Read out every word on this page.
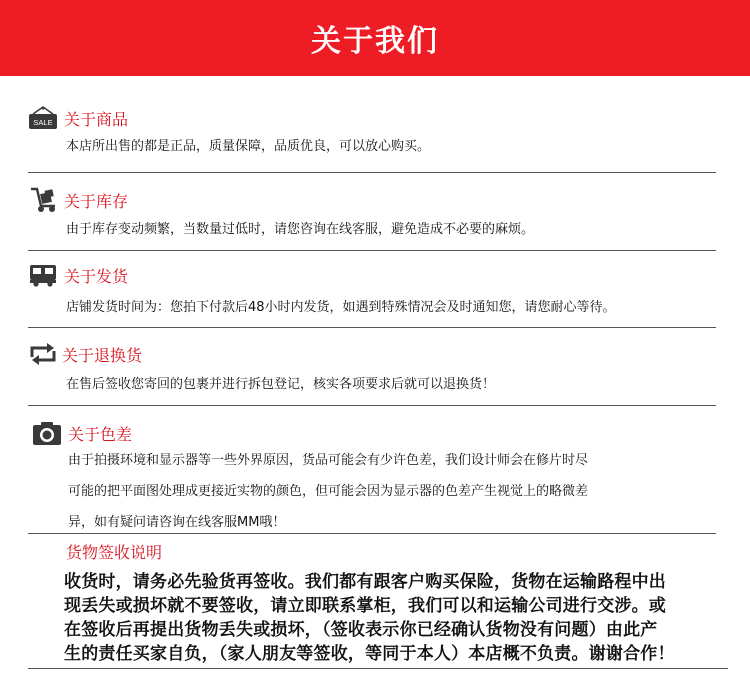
关于我们
SALE 关于商品
本店所出售的都是正品，质量保障，品质优良，可以放心购买。
关于库存
由于库存变动频繁，当数量过低时，请您咨询在线客服，避免造成不必要的麻烦。
关于发货
店铺发货时间为：您拍下付款后48小时内发货，如遇到特殊情况会及时通知您，请您耐心等待。
关于退换货
在售后签收您寄回的包裹并进行拆包登记，核实各项要求后就可以退换货！
关于色差
由于拍摄环境和显示器等一些外界原因，货品可能会有少许色差，我们设计师会在修片时尽
可能的把平面图处理成更接近实物的颜色，但可能会因为显示器的色差产生视觉上的略微差
异，如有疑问请咨询在线客服MM哦！
货物签收说明
收货时，请务必先验货再签收。我们都有跟客户购买保险，货物在运输路程中出
现丢失或损坏就不要签收，请立即联系掌柜，我们可以和运输公司进行交涉。或
在签收后再提出货物丢失或损坏，（签收表示你已经确认货物没有问题）由此产
生的责任买家自负，（家人朋友等签收，等同于本人）本店概不负责。谢谢合作！
